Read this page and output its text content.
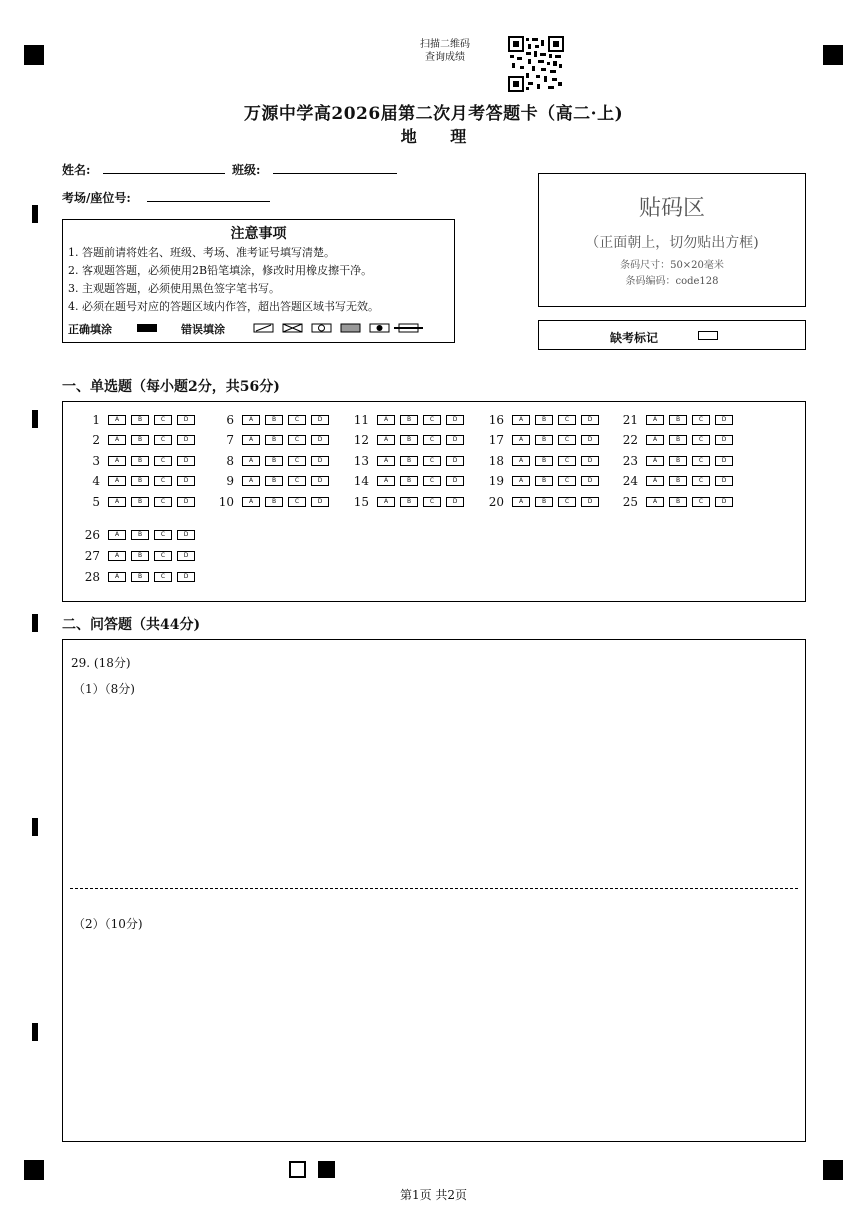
扫描二维码
查询成绩
万源中学高2026届第二次月考答题卡（高二·上)
地 理
姓名:	班级:
考场/座位号:
注意事项
1. 答题前请将姓名、班级、考场、准考证号填写清楚。
2. 客观题答题，必须使用2B铅笔填涂，修改时用橡皮擦干净。
3. 主观题答题，必须使用黑色签字笔书写。
4. 必须在题号对应的答题区域内作答，超出答题区域书写无效。
正确填涂	错误填涂
贴码区
（正面朝上，切勿贴出方框)
条码尺寸：50×20毫米
条码编码：code128
缺考标记
一、单选题（每小题2分，共56分)
1	A	B	C	D
2	A	B	C	D
3	A	B	C	D
4	A	B	C	D
5	A	B	C	D
6	A	B	C	D
7	A	B	C	D
8	A	B	C	D
9	A	B	C	D
10	A	B	C	D
11	A	B	C	D
12	A	B	C	D
13	A	B	C	D
14	A	B	C	D
15	A	B	C	D
16	A	B	C	D
17	A	B	C	D
18	A	B	C	D
19	A	B	C	D
20	A	B	C	D
21	A	B	C	D
22	A	B	C	D
23	A	B	C	D
24	A	B	C	D
25	A	B	C	D
26	A	B	C	D
27	A	B	C	D
28	A	B	C	D
二、问答题（共44分)
29. (18分)
（1）（8分)
（2）（10分)
第1页 共2页
